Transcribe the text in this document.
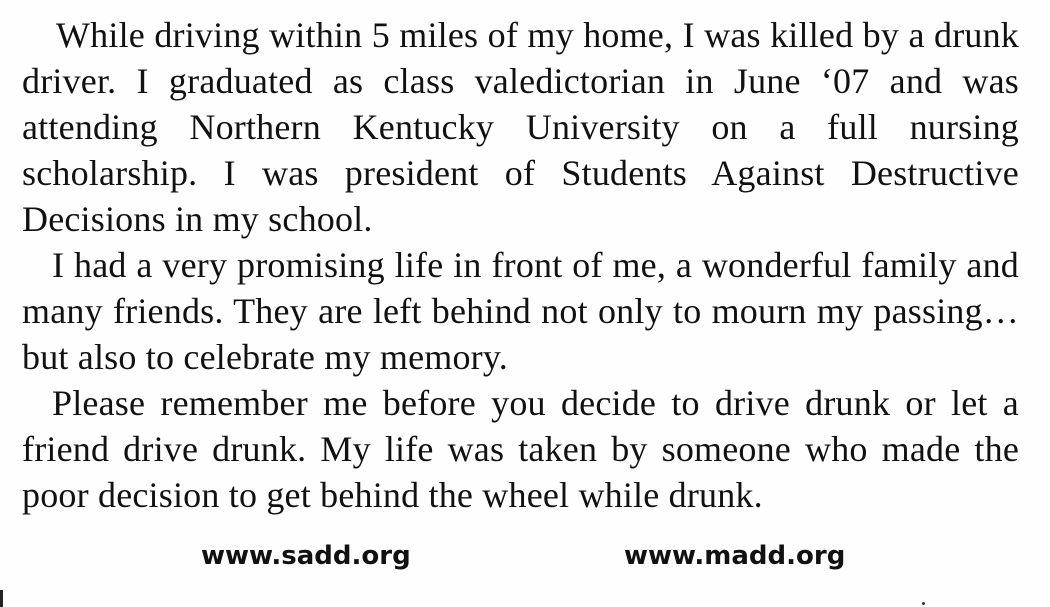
While driving within 5 miles of my home, I was killed by a drunk driver. I graduated as class valedictorian in June ‘07 and was attending Northern Kentucky University on a full nursing scholarship. I was president of Students Against Destructive Decisions in my school.

I had a very promising life in front of me, a wonderful family and many friends. They are left behind not only to mourn my passing…but also to celebrate my memory.

Please remember me before you decide to drive drunk or let a friend drive drunk. My life was taken by someone who made the poor decision to get behind the wheel while drunk.

www.sadd.org	www.madd.org
